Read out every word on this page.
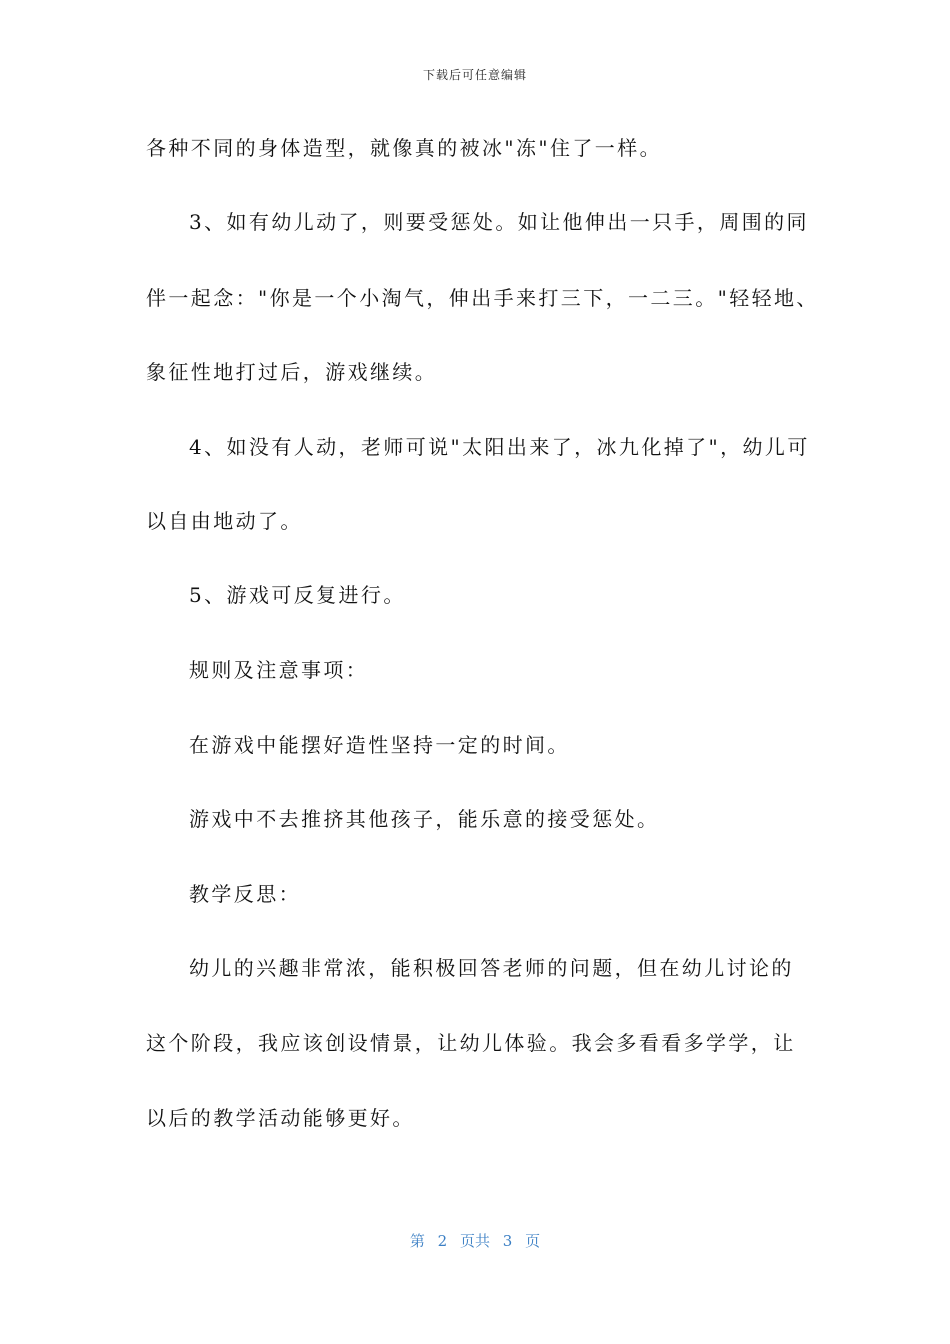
下载后可任意编辑
各种不同的身体造型，就像真的被冰"冻"住了一样。
3、如有幼儿动了，则要受惩处。如让他伸出一只手，周围的同
伴一起念："你是一个小淘气，伸出手来打三下，一二三。"轻轻地、
象征性地打过后，游戏继续。
4、如没有人动，老师可说"太阳出来了，冰九化掉了"，幼儿可
以自由地动了。
5、游戏可反复进行。
规则及注意事项：
在游戏中能摆好造性坚持一定的时间。
游戏中不去推挤其他孩子，能乐意的接受惩处。
教学反思：
幼儿的兴趣非常浓，能积极回答老师的问题，但在幼儿讨论的
这个阶段，我应该创设情景，让幼儿体验。我会多看看多学学，让
以后的教学活动能够更好。
第 2 页共 3 页
